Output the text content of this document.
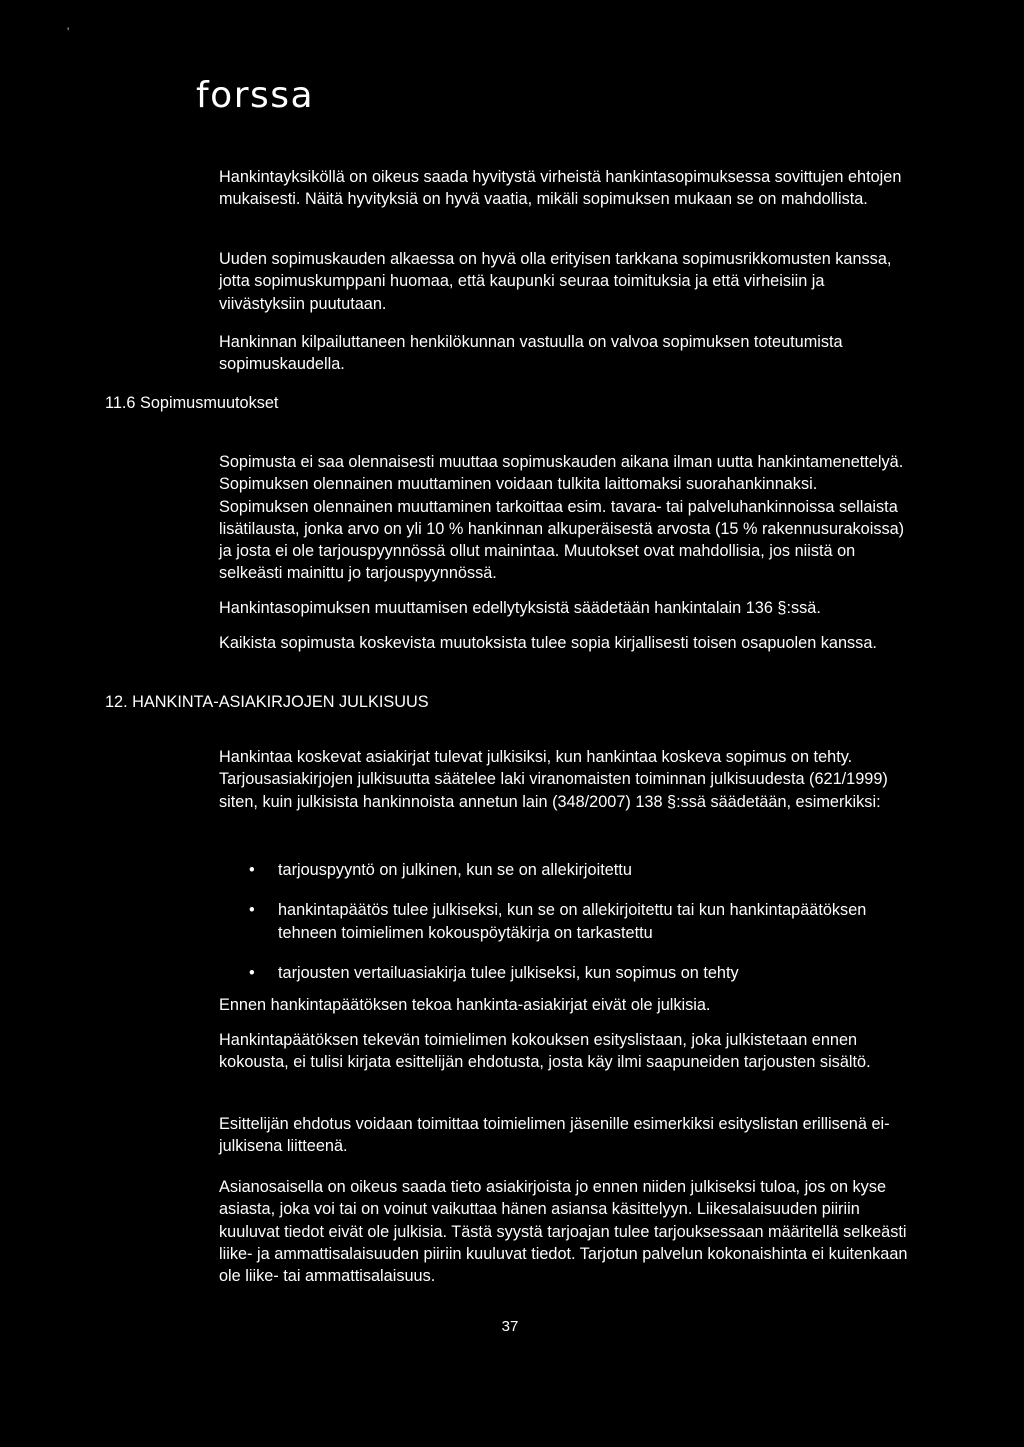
'
forssa

Hankintayksiköllä on oikeus saada hyvitystä virheistä hankintasopimuksessa sovittujen ehtojen mukaisesti. Näitä hyvityksiä on hyvä vaatia, mikäli sopimuksen mukaan se on mahdollista.

Uuden sopimuskauden alkaessa on hyvä olla erityisen tarkkana sopimusrikkomusten kanssa, jotta sopimuskumppani huomaa, että kaupunki seuraa toimituksia ja että virheisiin ja viivästyksiin puututaan.

Hankinnan kilpailuttaneen henkilökunnan vastuulla on valvoa sopimuksen toteutumista sopimuskaudella.

11.6 Sopimusmuutokset

Sopimusta ei saa olennaisesti muuttaa sopimuskauden aikana ilman uutta hankintamenettelyä. Sopimuksen olennainen muuttaminen voidaan tulkita laittomaksi suorahankinnaksi. Sopimuksen olennainen muuttaminen tarkoittaa esim. tavara- tai palveluhankinnoissa sellaista lisätilausta, jonka arvo on yli 10 % hankinnan alkuperäisestä arvosta (15 % rakennusurakoissa) ja josta ei ole tarjouspyynnössä ollut mainintaa. Muutokset ovat mahdollisia, jos niistä on selkeästi mainittu jo tarjouspyynnössä.

Hankintasopimuksen muuttamisen edellytyksistä säädetään hankintalain 136 §:ssä.

Kaikista sopimusta koskevista muutoksista tulee sopia kirjallisesti toisen osapuolen kanssa.

12. HANKINTA-ASIAKIRJOJEN JULKISUUS

Hankintaa koskevat asiakirjat tulevat julkisiksi, kun hankintaa koskeva sopimus on tehty. Tarjousasiakirjojen julkisuutta säätelee laki viranomaisten toiminnan julkisuudesta (621/1999) siten, kuin julkisista hankinnoista annetun lain (348/2007) 138 §:ssä säädetään, esimerkiksi:

• tarjouspyyntö on julkinen, kun se on allekirjoitettu
• hankintapäätös tulee julkiseksi, kun se on allekirjoitettu tai kun hankintapäätöksen tehneen toimielimen kokouspöytäkirja on tarkastettu
• tarjousten vertailuasiakirja tulee julkiseksi, kun sopimus on tehty

Ennen hankintapäätöksen tekoa hankinta-asiakirjat eivät ole julkisia.

Hankintapäätöksen tekevän toimielimen kokouksen esityslistaan, joka julkistetaan ennen kokousta, ei tulisi kirjata esittelijän ehdotusta, josta käy ilmi saapuneiden tarjousten sisältö.

Esittelijän ehdotus voidaan toimittaa toimielimen jäsenille esimerkiksi esityslistan erillisenä ei-julkisena liitteenä.

Asianosaisella on oikeus saada tieto asiakirjoista jo ennen niiden julkiseksi tuloa, jos on kyse asiasta, joka voi tai on voinut vaikuttaa hänen asiansa käsittelyyn. Liikesalaisuuden piiriin kuuluvat tiedot eivät ole julkisia. Tästä syystä tarjoajan tulee tarjouksessaan määritellä selkeästi liike- ja ammattisalaisuuden piiriin kuuluvat tiedot. Tarjotun palvelun kokonaishinta ei kuitenkaan ole liike- tai ammattisalaisuus.

37
